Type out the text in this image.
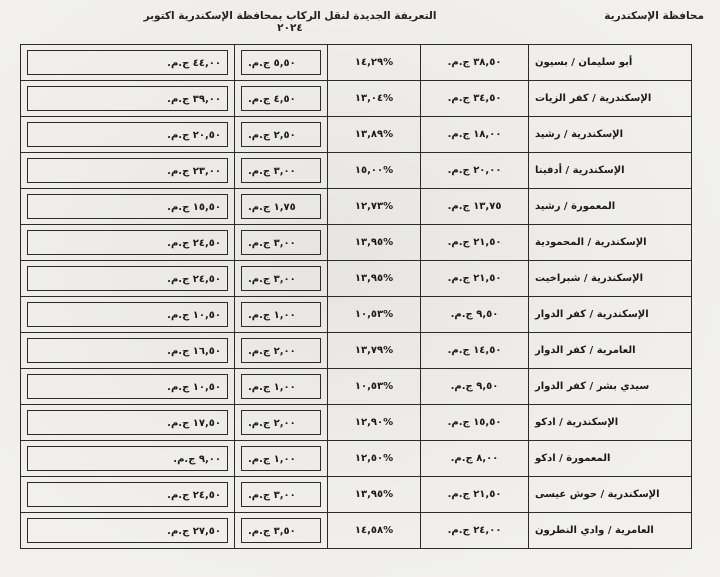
محافظة الإسكندرية
التعريفة الجديدة لنقل الركاب بمحافظة الإسكندرية اكتوبر ٢٠٢٤
أبو سليمان / بسيون	٣٨,٥٠ ج.م.	%١٤,٢٩	٥,٥٠ ج.م.	٤٤,٠٠ ج.م.

الإسكندرية / كفر الزيات	٣٤,٥٠ ج.م.	%١٣,٠٤	٤,٥٠ ج.م.	٣٩,٠٠ ج.م.

الإسكندرية / رشيد	١٨,٠٠ ج.م.	%١٣,٨٩	٢,٥٠ ج.م.	٢٠,٥٠ ج.م.

الإسكندرية / أدفينا	٢٠,٠٠ ج.م.	%١٥,٠٠	٣,٠٠ ج.م.	٢٣,٠٠ ج.م.

المعمورة / رشيد	١٣,٧٥ ج.م.	%١٢,٧٣	١,٧٥ ج.م.	١٥,٥٠ ج.م.

الإسكندرية / المحمودية	٢١,٥٠ ج.م.	%١٣,٩٥	٣,٠٠ ج.م.	٢٤,٥٠ ج.م.

الإسكندرية / شبراخيت	٢١,٥٠ ج.م.	%١٣,٩٥	٣,٠٠ ج.م.	٢٤,٥٠ ج.م.

الإسكندرية / كفر الدوار	٩,٥٠ ج.م.	%١٠,٥٣	١,٠٠ ج.م.	١٠,٥٠ ج.م.

العامرية / كفر الدوار	١٤,٥٠ ج.م.	%١٣,٧٩	٢,٠٠ ج.م.	١٦,٥٠ ج.م.

سيدي بشر / كفر الدوار	٩,٥٠ ج.م.	%١٠,٥٣	١,٠٠ ج.م.	١٠,٥٠ ج.م.

الإسكندرية / ادكو	١٥,٥٠ ج.م.	%١٢,٩٠	٢,٠٠ ج.م.	١٧,٥٠ ج.م.

المعمورة / ادكو	٨,٠٠ ج.م.	%١٢,٥٠	١,٠٠ ج.م.	٩,٠٠ ج.م.

الإسكندرية / حوش عيسى	٢١,٥٠ ج.م.	%١٣,٩٥	٣,٠٠ ج.م.	٢٤,٥٠ ج.م.

العامرية / وادي النطرون	٢٤,٠٠ ج.م.	%١٤,٥٨	٣,٥٠ ج.م.	٢٧,٥٠ ج.م.
